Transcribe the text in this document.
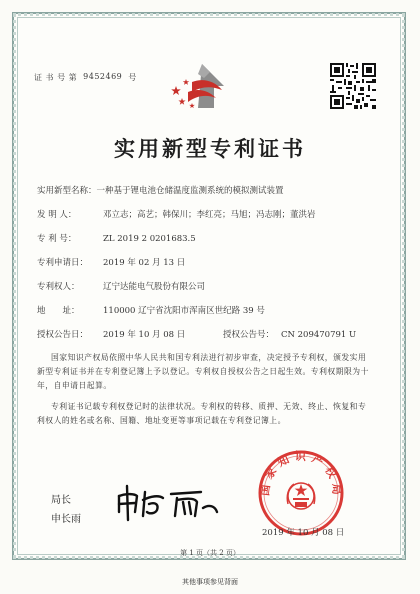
证 书 号 第 9452469 号
实用新型专利证书
实用新型名称： 一种基于锂电池仓储温度监测系统的模拟测试装置
发 明 人：	邓立志；高艺；韩保川；李红亮；马旭；冯志刚；董洪岩
专 利 号：	ZL 2019 2 0201683.5
专利申请日：	2019 年 02 月 13 日
专利权人：	辽宁达能电气股份有限公司
地　　址：	110000 辽宁省沈阳市浑南区世纪路 39 号
授权公告日：	2019 年 10 月 08 日	授权公告号： CN 209470791 U
国家知识产权局依照中华人民共和国专利法进行初步审查，决定授予专利权，颁发实用
新型专利证书并在专利登记簿上予以登记。专利权自授权公告之日起生效。专利权期限为十
年，自申请日起算。
专利证书记载专利权登记时的法律状况。专利权的转移、质押、无效、终止、恢复和专
利权人的姓名或名称、国籍、地址变更等事项记载在专利登记簿上。
局长
申长雨
国家知识产权局
2019 年 10 月 08 日
第 1 页（共 2 页）
其他事项参见背面
